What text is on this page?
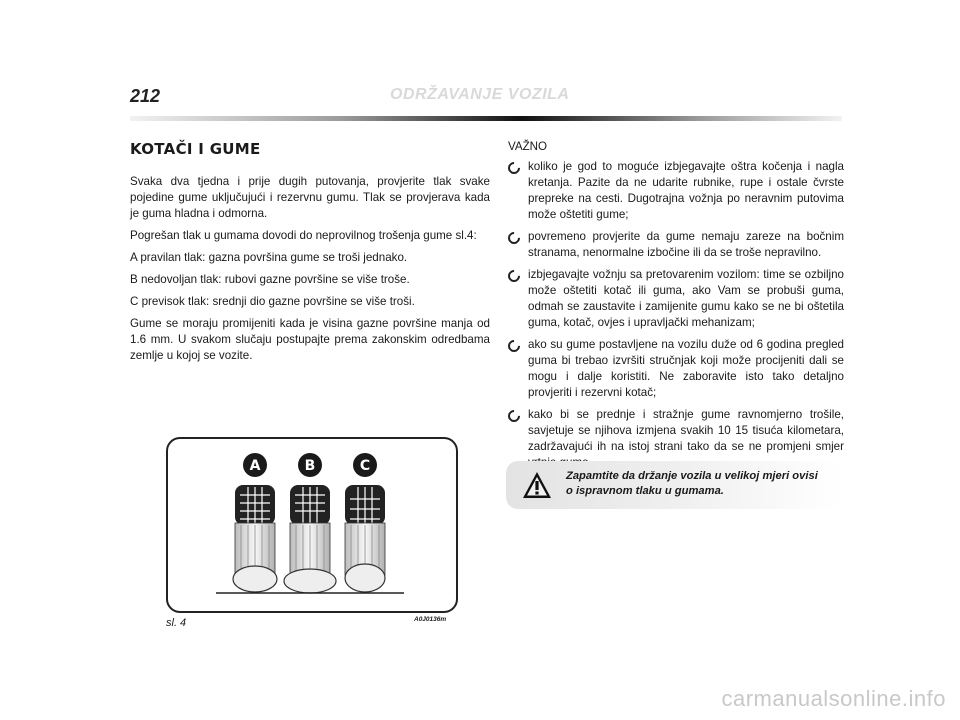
212	ODRŽAVANJE VOZILA
KOTAČI I GUME

Svaka dva tjedna i prije dugih putovanja, provjerite tlak svake pojedine gume uključujući i rezervnu gumu. Tlak se provjerava kada je guma hladna i odmorna.

Pogrešan tlak u gumama dovodi do neprovilnog trošenja gume sl.4:

A pravilan tlak: gazna površina gume se troši jednako.

B nedovoljan tlak: rubovi gazne površine se više troše.

C previsok tlak: srednji dio gazne površine se više troši.

Gume se moraju promijeniti kada je visina gazne površine manja od 1.6 mm. U svakom slučaju postupajte prema zakonskim odredbama zemlje u kojoj se vozite.

VAŽNO
koliko je god to moguće izbjegavajte oštra kočenja i nagla kretanja. Pazite da ne udarite rubnike, rupe i ostale čvrste prepreke na cesti. Dugotrajna vožnja po neravnim putovima može oštetiti gume;
povremeno provjerite da gume nemaju zareze na bočnim stranama, nenormalne izbočine ili da se troše nepravilno.
izbjegavajte vožnju sa pretovarenim vozilom: time se ozbiljno može oštetiti kotač ili guma, ako Vam se probuši guma, odmah se zaustavite i zamijenite gumu kako se ne bi oštetila guma, kotač, ovjes i upravljački mehanizam;
ako su gume postavljene na vozilu duže od 6 godina pregled guma bi trebao izvršiti stručnjak koji može procijeniti dali se mogu i dalje koristiti. Ne zaboravite isto tako detaljno provjeriti i rezervni kotač;
kako bi se prednje i stražnje gume ravnomjerno trošile, savjetuje se njihova izmjena svakih 10 15 tisuća kilometara, zadržavajući ih na istoj strani tako da se ne promjeni smjer
Zapamtite da držanje vozila u velikoj mjeri ovisi o ispravnom tlaku u gumama.
A	B	C
sl. 4	A0J0136m
carmanualsonline.info
